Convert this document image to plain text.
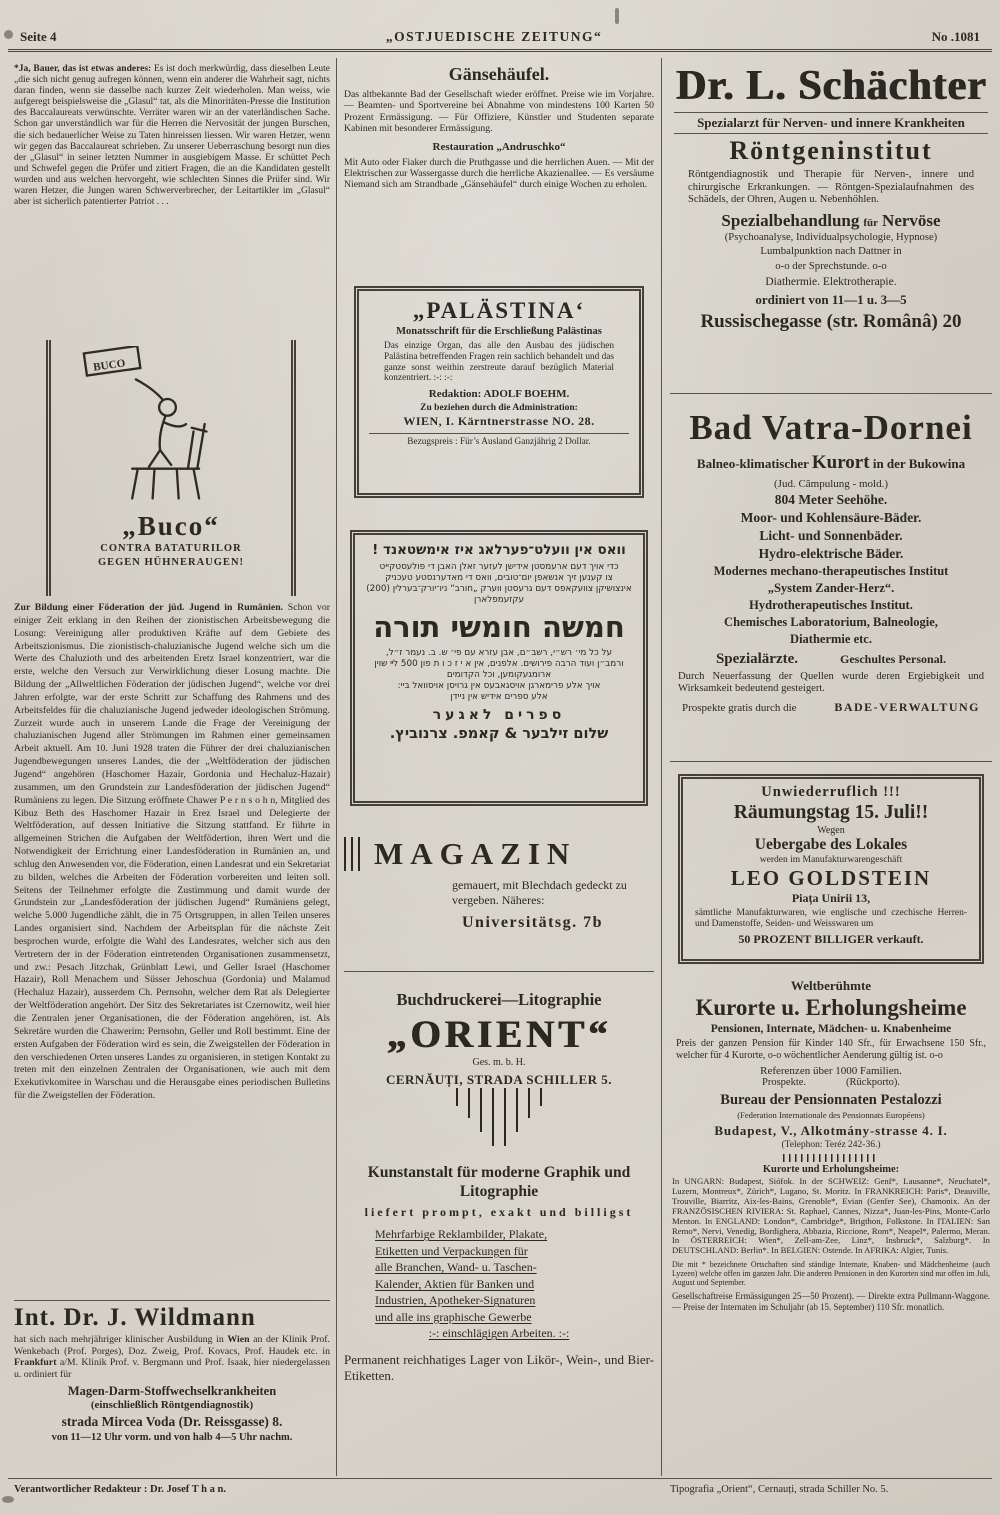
Seite 4	„OSTJUEDISCHE ZEITUNG“	No .1081
*Ja, Bauer, das ist etwas anderes: Es ist doch merkwürdig, dass dieselben Leute „die sich nicht genug aufregen können, wenn ein anderer die Wahrheit sagt, nichts daran finden, wenn sie dasselbe nach kurzer Zeit wiederholen. Man weiss, wie aufgeregt beispielsweise die „Glasul“ tat, als die Minoritäten-Presse die Institution des Baccalaureats verwünschte. Verräter waren wir an der vaterländischen Sache. Schon gar unverständlich war für die Herren die Nervosität der jungen Burschen, die sich bedauerlicher Weise zu Taten hinreissen liessen. Wir waren Hetzer, wenn wir gegen das Baccalaureat schrieben. Zu unserer Ueberraschung besorgt nun dies der „Glasul“ in seiner letzten Nummer in ausgiebigem Masse. Er schüttet Pech und Schwefel gegen die Prüfer und zitiert Fragen, die an die Kandidaten gestellt wurden und aus welchen hervorgeht, wie schlechten Sinnes die Prüfer sind. Wir waren Hetzer, die Jungen waren Schwerverbrecher, der Leitartikler im „Glasul“ aber ist sicherlich patentierter Patriot . . .
BUCO
„Buco“
CONTRA BATATURILOR
GEGEN HÜHNERAUGEN!
Zur Bildung einer Föderation der jüd. Jugend in Rumänien. Schon vor einiger Zeit erklang in den Reihen der zionistischen Arbeitsbewegung die Losung: Vereinigung aller produktiven Kräfte auf dem Gebiete des Arbeitszionismus. Die zionistisch-chaluzianische Jugend welche sich um die Werte des Chaluzioth und des arbeitenden Eretz Israel konzentriert, war die erste, welche den Versuch zur Verwirklichung dieser Losung machte. Die Bildung der „Allweltlichen Föderation der jüdischen Jugend“, welche vor drei Jahren erfolgte, war der erste Schritt zur Schaffung des Rahmens und des Arbeitsfeldes für die chaluzianische Jugend jedweder ideologischen Strömung. Zurzeit wurde auch in unserem Lande die Frage der Vereinigung der chaluzianischen Jugend aller Strömungen im Rahmen einer gemeinsamen Arbeit aktuell. Am 10. Juni 1928 traten die Führer der drei chaluzianischen Jugendbewegungen unseres Landes, die der „Weltföderation der jüdischen Jugend“ angehören (Haschomer Hazair, Gordonia und Hechaluz-Hazair) zusammen, um den Grundstein zur Landesföderation der jüdischen Jugend“ Rumäniens zu legen. Die Sitzung eröffnete Chawer P e r n s o h n, Mitglied des Kibuz Beth des Haschomer Hazair in Erez Israel und Delegierte der Weltföderation, auf dessen Initiative die Sitzung stattfand. Er führte in allgemeinen Strichen die Aufgaben der Weltfödertion, ihren Wert und die Notwendigkeit der Errichtung einer Landesföderation in Rumänien an, und schlug den Anwesenden vor, die Föderation, einen Landesrat und ein Sekretariat zu bilden, welches die Arbeiten der Föderation vorbereiten und leiten soll. Seitens der Teilnehmer erfolgte die Zustimmung und damit wurde der Grundstein zur „Landesföderation der jüdischen Jugend“ Rumäniens gelegt, welche 5.000 Jugendliche zählt, die in 75 Ortsgruppen, in allen Teilen unseres Landes organisiert sind. Nachdem der Arbeitsplan für die nächste Zeit besprochen wurde, erfolgte die Wahl des Landesrates, welcher sich aus den Vertretern der in der Föderation eintretenden Organisationen zusammensetzt, und zw.: Pesach Jitzchak, Grünblatt Lewi, und Geller Israel (Haschomer Hazair), Roll Menachem und Süsser Jehoschua (Gordonia) und Malamud (Hechaluz Hazair), ausserdem Ch. Pernsohn, welcher dem Rat als Delegierter der Weltföderation angehört. Der Sitz des Sekretariates ist Czernowitz, weil hier die Zentralen jener Organisationen, die der Föderation angehören, ist. Als Sekretäre wurden die Chawerim: Pernsohn, Geller und Roll bestimmt. Eine der ersten Aufgaben der Föderation wird es sein, die Zweigstellen der Föderation in den verschiedenen Orten unseres Landes zu organisieren, in stetigen Kontakt zu treten mit den einzelnen Zentralen der Organisationen, wie auch mit dem Exekutivkomitee in Warschau und die Herausgabe eines periodischen Bulletins für die Zweigstellen der Föderation.
Int. Dr. J. Wildmann

hat sich nach mehrjähriger klinischer Ausbildung in Wien an der Klinik Prof. Wenkebach (Prof. Porges), Doz. Zweig, Prof. Kovacs, Prof. Haudek etc. in Frankfurt a/M. Klinik Prof. v. Bergmann und Prof. Isaak, hier niedergelassen u. ordiniert für

Magen-Darm-Stoffwechselkrankheiten
(einschließlich Röntgendiagnostik)
strada Mircea Voda (Dr. Reissgasse) 8.
von 11—12 Uhr vorm. und von halb 4—5 Uhr nachm.
Gänsehäufel.

Das altbekannte Bad der Gesellschaft wieder eröffnet. Preise wie im Vorjahre. — Beamten- und Sportvereine bei Abnahme von mindestens 100 Karten 50 Prozent Ermässigung. — Für Offiziere, Künstler und Studenten separate Kabinen mit besonderer Ermässigung.

Restauration „Andruschko“

Mit Auto oder Fiaker durch die Pruthgasse und die herrlichen Auen. — Mit der Elektrischen zur Wassergasse durch die herrliche Akazienallee. — Es versäume Niemand sich am Strandbade „Gänsehäufel“ durch einige Wochen zu erholen.

„PALÄSTINA‘
Monatsschrift für die Erschließung Palästinas

Das einzige Organ, das alle den Ausbau des jüdischen Palästina betreffenden Fragen rein sachlich behandelt und das ganze sonst weithin zerstreute darauf bezüglich Material konzentriert. :-: :-:

Redaktion: ADOLF BOEHM.
Zu beziehen durch die Administration:
WIEN, I. Kärntnerstrasse NO. 28.
Bezugspreis : Für’s Ausland Ganzjährig 2 Dollar.
וואס אין וועלט־פערלאג איז אימשטאנד !
כדי אויך דעם ארעמסטן אידישן לעזער זאלן האבן די פולעסטקייט
צו קענען זיך אנשאפן יום־טובים, וואס די מאדערנסטע טעכניק
אינצושיקן צוועקאפס דעם גרעסטן ווערק „חורב“ ניו־יורק־בערלין (200) עקזעמפלארן
חמשה חומשי תורה
על כל מי׳ רש״י, רשב״ם, אבן עזרא עם פי׳ ש. ב. נעמר ז״ל,
ורמב״ן ועוד הרבה פירושים. אלפנים, אין א י ז כ ו ת פון 500 לײ שוין ארומגעקומען, וכל הקדומים
אויך אלע פרימארגן אויסגאבעס אין גרויסן אויסוואל ביי:
אלע ספרים אידיש אין ניידן
ספרים לאגער
שלום זילבער & קאמפ. צרנוביץ.
MAGAZIN
gemauert, mit Blechdach gedeckt zu vergeben. Näheres:
Universitätsg. 7b
Buchdruckerei—Litographie
„ORIENT“
Ges. m. b. H.
CERNĂUȚI, STRADA SCHILLER 5.
Kunstanstalt für moderne Graphik und Litographie
liefert prompt, exakt und billigst
Mehrfarbige Reklambilder, Plakate,
Etiketten und Verpackungen für
alle Branchen, Wand- u. Taschen-
Kalender, Aktien für Banken und
Industrien, Apotheker-Signaturen
und alle ins graphische Gewerbe
:-: einschlägigen Arbeiten. :-:

Permanent reichhatiges Lager von Likör-, Wein-, und Bier-Etiketten.

Dr. L. Schächter
Spezialarzt für Nerven- und innere Krankheiten
Röntgeninstitut

Röntgendiagnostik und Therapie für Nerven-, innere und chirurgische Erkrankungen. — Röntgen-Spezialaufnahmen des Schädels, der Ohren, Augen u. Nebenhöhlen.

Spezialbehandlung für Nervöse
(Psychoanalyse, Individualpsychologie, Hypnose)
Lumbalpunktion nach Dattner in
o-o der Sprechstunde. o-o
Diathermie. Elektrotherapie.
ordiniert von 11—1 u. 3—5
Russischegasse (str. Românâ) 20
Bad Vatra-Dornei
Balneo-klimatischer Kurort in der Bukowina
(Jud. Câmpulung - mold.)
804 Meter Seehöhe.
Moor- und Kohlensäure-Bäder.
Licht- und Sonnenbäder.
Hydro-elektrische Bäder.
Modernes mechano-therapeutisches Institut
„System Zander-Herz“.
Hydrotherapeutisches Institut.
Chemisches Laboratorium, Balneologie,
Diathermie etc.
Spezialärzte.	Geschultes Personal.

Durch Neuerfassung der Quellen wurde deren Ergiebigkeit und Wirksamkeit bedeutend gesteigert.

Prospekte gratis durch die	BADE-VERWALTUNG
Unwiederruflich !!!
Räumungstag 15. Juli!!
Wegen
Uebergabe des Lokales
werden im Manufakturwarengeschäft
LEO GOLDSTEIN
Piața Unirii 13,

sämtliche Manufakturwaren, wie englische und czechische Herren- und Damenstoffe, Seiden- und Weisswaren um

50 PROZENT BILLIGER verkauft.
Weltberühmte
Kurorte u. Erholungsheime
Pensionen, Internate, Mädchen- u. Knabenheime

Preis der ganzen Pension für Kinder 140 Sfr., für Erwachsene 150 Sfr., welcher für 4 Kurorte, o-o wöchentlicher Aenderung gültig ist. o-o

Referenzen über 1000 Familien.
Prospekte.	(Rückporto).
Bureau der Pensionnaten Pestalozzi
(Federation Internationale des Pensionnats Européens)
Budapest, V., Alkotmány-strasse 4. I.
(Telephon: Teréz 242-36.)
Kurorte und Erholungsheime:

In UNGARN: Budapest, Siófok. In der SCHWEIZ: Genf*, Lausanne*, Neuchatel*, Luzern, Montreux*, Zürich*, Lugano, St. Moritz. In FRANKREICH: Paris*, Deauville, Trouville, Biarritz, Aix-les-Bains, Grenoble*, Evian (Genfer See), Chamonix. An der FRANZÖSISCHEN RIVIERA: St. Raphael, Cannes, Nizza*, Juan-les-Pins, Monte-Carlo Menton. In ENGLAND: London*, Cambridge*, Brigthon, Folkstone. In ITALIEN: San Remo*, Nervi, Venedig, Bordighera, Abbazia, Riccione, Rom*, Neapel*, Palermo, Meran. In ÖSTERREICH: Wien*, Zell-am-Zee, Linz*, Insbruck*, Salzburg*. In DEUTSCHLAND: Berlin*. In BELGIEN: Ostende. In AFRIKA: Algier, Tunis.

Die mit * bezeichnete Ortschaften sind ständige Internate, Knaben- und Mädchenheime (auch Lyzeen) welche offen im ganzen Jahr. Die anderen Pensionen in den Kurorten sind nur offen im Juli, August und September.

Gesellschaftreise Ermässigungen 25—50 Prozent). — Direkte extra Pullmann-Waggone. — Preise der Internaten im Schuljahr (ab 15. September) 110 Sfr. monatlich.

Verantwortlicher Redakteur : Dr. Josef T h a n.	Tipografia „Orient“, Cernauți, strada Schiller No. 5.
